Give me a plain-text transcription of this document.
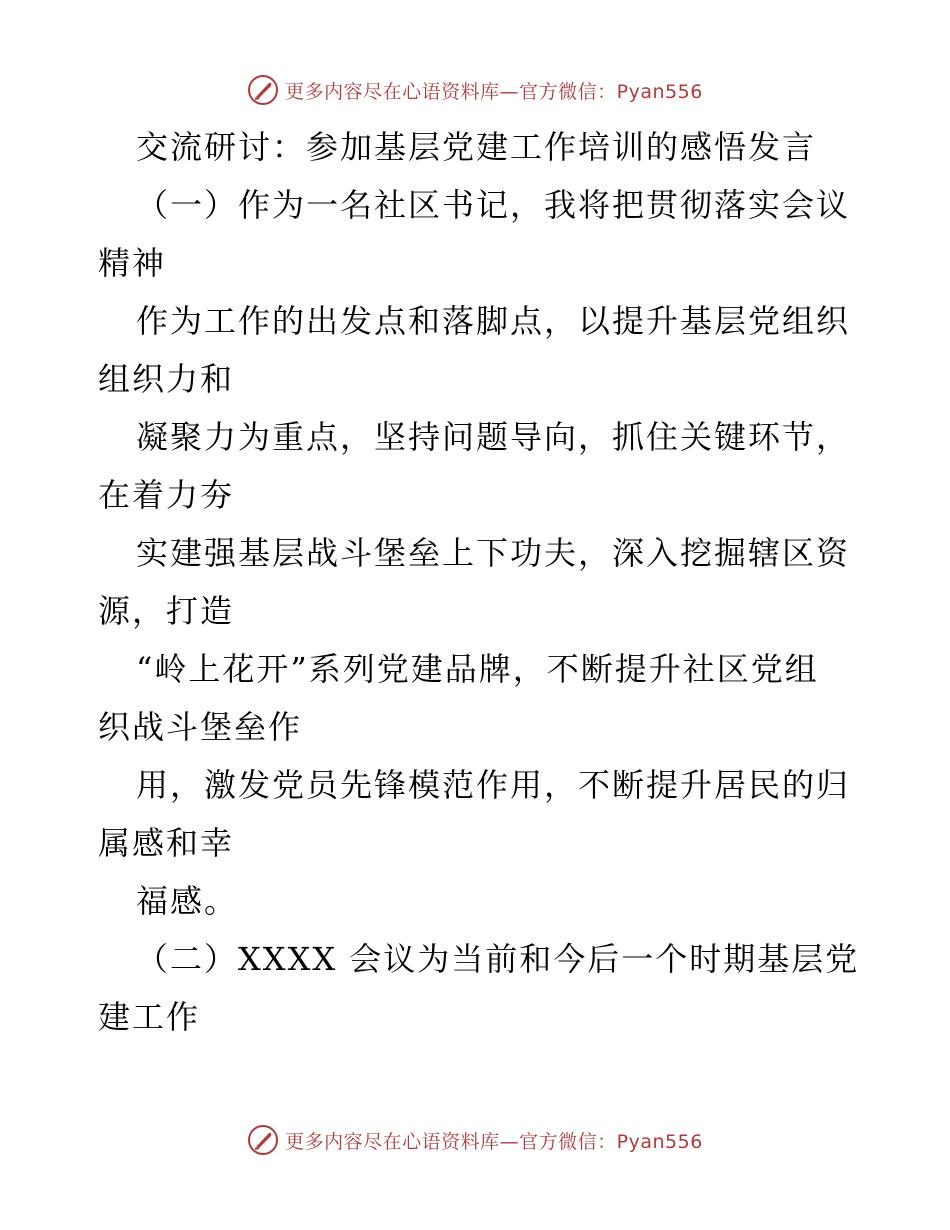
更多内容尽在心语资料库—官方微信：Pyan556
交流研讨：参加基层党建工作培训的感悟发言
（一）作为一名社区书记，我将把贯彻落实会议
精神
作为工作的出发点和落脚点，以提升基层党组织
组织力和
凝聚力为重点，坚持问题导向，抓住关键环节，
在着力夯
实建强基层战斗堡垒上下功夫，深入挖掘辖区资
源，打造
“岭上花开”系列党建品牌，不断提升社区党组
织战斗堡垒作
用，激发党员先锋模范作用，不断提升居民的归
属感和幸
福感。
（二）XXXX 会议为当前和今后一个时期基层党
建工作
更多内容尽在心语资料库—官方微信：Pyan556
